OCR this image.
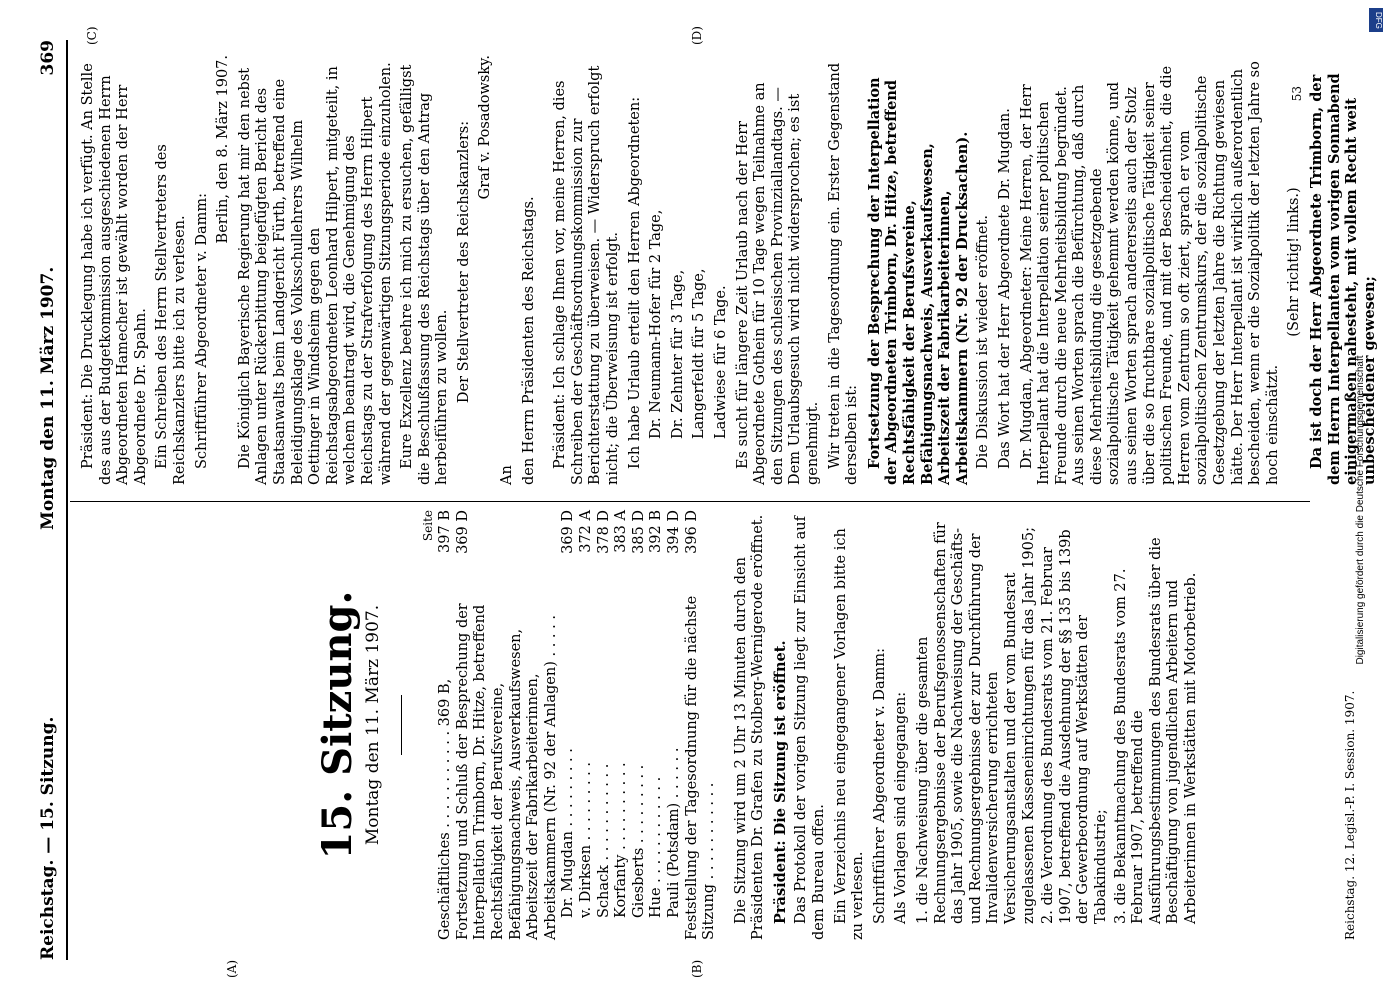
Reichstag. — 15. Sitzung.
Montag den 11. März 1907.
369
(A)	(B)
(C)	(D)
15. Sitzung. Montag den 11. März 1907.
Seite
Geschäftliches . . . . . . . . . . . 369 B,
397 B
Fortsetzung und Schluß der Besprechung der Interpellation Trimborn, Dr. Hitze, betreffend Rechtsfähigkeit der Berufsvereine, Befähigungsnachweis, Ausverkaufswesen, Arbeitszeit der Fabrikarbeiterinnen, Arbeitskammern (Nr. 92 der Anlagen) . . . . .
369 D
Dr. Mugdan . . . . . . . . .
369 D
v. Dirksen . . . . . . . . .
372 A
Schack . . . . . . . . . . .
378 D
Korfanty . . . . . . . . . .
383 A
Giesberts . . . . . . . . .
385 D
Hue . . . . . . . . . . . .
392 B
Pauli (Potsdam) . . . . . .
394 D
Feststellung der Tagesordnung für die nächste Sitzung . . . . . . . . . . .
396 D

Die Sitzung wird um 2 Uhr 13 Minuten durch den Präsidenten Dr. Grafen zu Stolberg-Wernigerode eröffnet. Präsident: Die Sitzung ist eröffnet. Das Protokoll der vorigen Sitzung liegt zur Einsicht auf dem Bureau offen. Ein Verzeichnis neu eingegangener Vorlagen bitte ich zu verlesen. Schriftführer Abgeordneter v. Damm: Als Vorlagen sind eingegangen: 1. die Nachweisung über die gesamten Rechnungsergebnisse der Berufsgenossenschaften für das Jahr 1905, sowie die Nachweisung der Geschäfts- und Rechnungsergebnisse der zur Durchführung der Invalidenversicherung errichteten Versicherungsanstalten und der vom Bundesrat zugelassenen Kasseneinrichtungen für das Jahr 1905; 2. die Verordnung des Bundesrats vom 21. Februar 1907, betreffend die Ausdehnung der §§ 135 bis 139b der Gewerbeordnung auf Werkstätten der Tabakindustrie; 3. die Bekanntmachung des Bundesrats vom 27. Februar 1907, betreffend die Ausführungsbestimmungen des Bundesrats über die Beschäftigung von jugendlichen Arbeitern und Arbeiterinnen in Werkstätten mit Motorbetrieb.

Präsident: Die Drucklegung habe ich verfügt. An Stelle des aus der Budgetkommission ausgeschiedenen Herrn Abgeordneten Hamecher ist gewählt worden der Herr Abgeordnete Dr. Spahn. Ein Schreiben des Herrn Stellvertreters des Reichskanzlers bitte ich zu verlesen. Schriftführer Abgeordneter v. Damm:

Berlin, den 8. März 1907. Die Königlich Bayerische Regierung hat mir den nebst Anlagen unter Rückerbittung beigefügten Bericht des Staatsanwalts beim Landgericht Fürth, betreffend eine Beleidigungsklage des Volksschullehrers Wilhelm Oettinger in Windsheim gegen den Reichstagsabgeordneten Leonhard Hilpert, mitgeteilt, in welchem beantragt wird, die Genehmigung des Reichstags zu der Strafverfolgung des Herrn Hilpert während der gegenwärtigen Sitzungsperiode einzuholen. Eure Exzellenz beehre ich mich zu ersuchen, gefälligst die Beschlußfassung des Reichstags über den Antrag herbeiführen zu wollen. Der Stellvertreter des Reichskanzlers: Graf v. Posadowsky.

An den Herrn Präsidenten des Reichstags. Präsident: Ich schlage Ihnen vor, meine Herren, dies Schreiben der Geschäftsordnungskommission zur Berichterstattung zu überweisen. — Widerspruch erfolgt nicht; die Überweisung ist erfolgt. Ich habe Urlaub erteilt den Herren Abgeordneten: Dr. Neumann-Hofer für 2 Tage, Dr. Zehnter für 3 Tage, Langerfeldt für 5 Tage, Ladwiese für 6 Tage. Es sucht für längere Zeit Urlaub nach der Herr Abgeordnete Gothein für 10 Tage wegen Teilnahme an den Sitzungen des schlesischen Provinziallandtags. — Dem Urlaubsgesuch wird nicht widersprochen; es ist genehmigt. Wir treten in die Tagesordnung ein. Erster Gegenstand derselben ist: Fortsetzung der Besprechung der Interpellation der Abgeordneten Trimborn, Dr. Hitze, betreffend Rechtsfähigkeit der Berufsvereine, Befähigungsnachweis, Ausverkaufswesen, Arbeitszeit der Fabrikarbeiterinnen, Arbeitskammern (Nr. 92 der Drucksachen). Die Diskussion ist wieder eröffnet. Das Wort hat der Herr Abgeordnete Dr. Mugdan. Dr. Mugdan, Abgeordneter: Meine Herren, der Herr Interpellant hat die Interpellation seiner politischen Freunde durch die neue Mehrheitsbildung begründet. Aus seinen Worten sprach die Befürchtung, daß durch diese Mehrheitsbildung die gesetzgebende sozialpolitische Tätigkeit gehemmt werden könne, und aus seinen Worten sprach andererseits auch der Stolz über die so fruchtbare sozialpolitische Tätigkeit seiner politischen Freunde, und mit der Bescheidenheit, die die Herren vom Zentrum so oft ziert, sprach er vom sozialpolitischen Zentrumskurs, der die sozialpolitische Gesetzgebung der letzten Jahre die Richtung gewiesen hätte. Der Herr Interpellant ist wirklich außerordentlich bescheiden, wenn er die Sozialpolitik der letzten Jahre so hoch einschätzt.

(Sehr richtig! links.) Da ist doch der Herr Abgeordnete Trimborn, der dem Herrn Interpellanten vom vorigen Sonnabend einigermaßen nahesteht, mit vollem Recht weit unbescheidener gewesen;

Reichstag. 12. Legisl.-P. I. Session. 1907.
53
DFG
Digitalisierung gefördert durch die Deutsche Forschungsgemeinschaft
